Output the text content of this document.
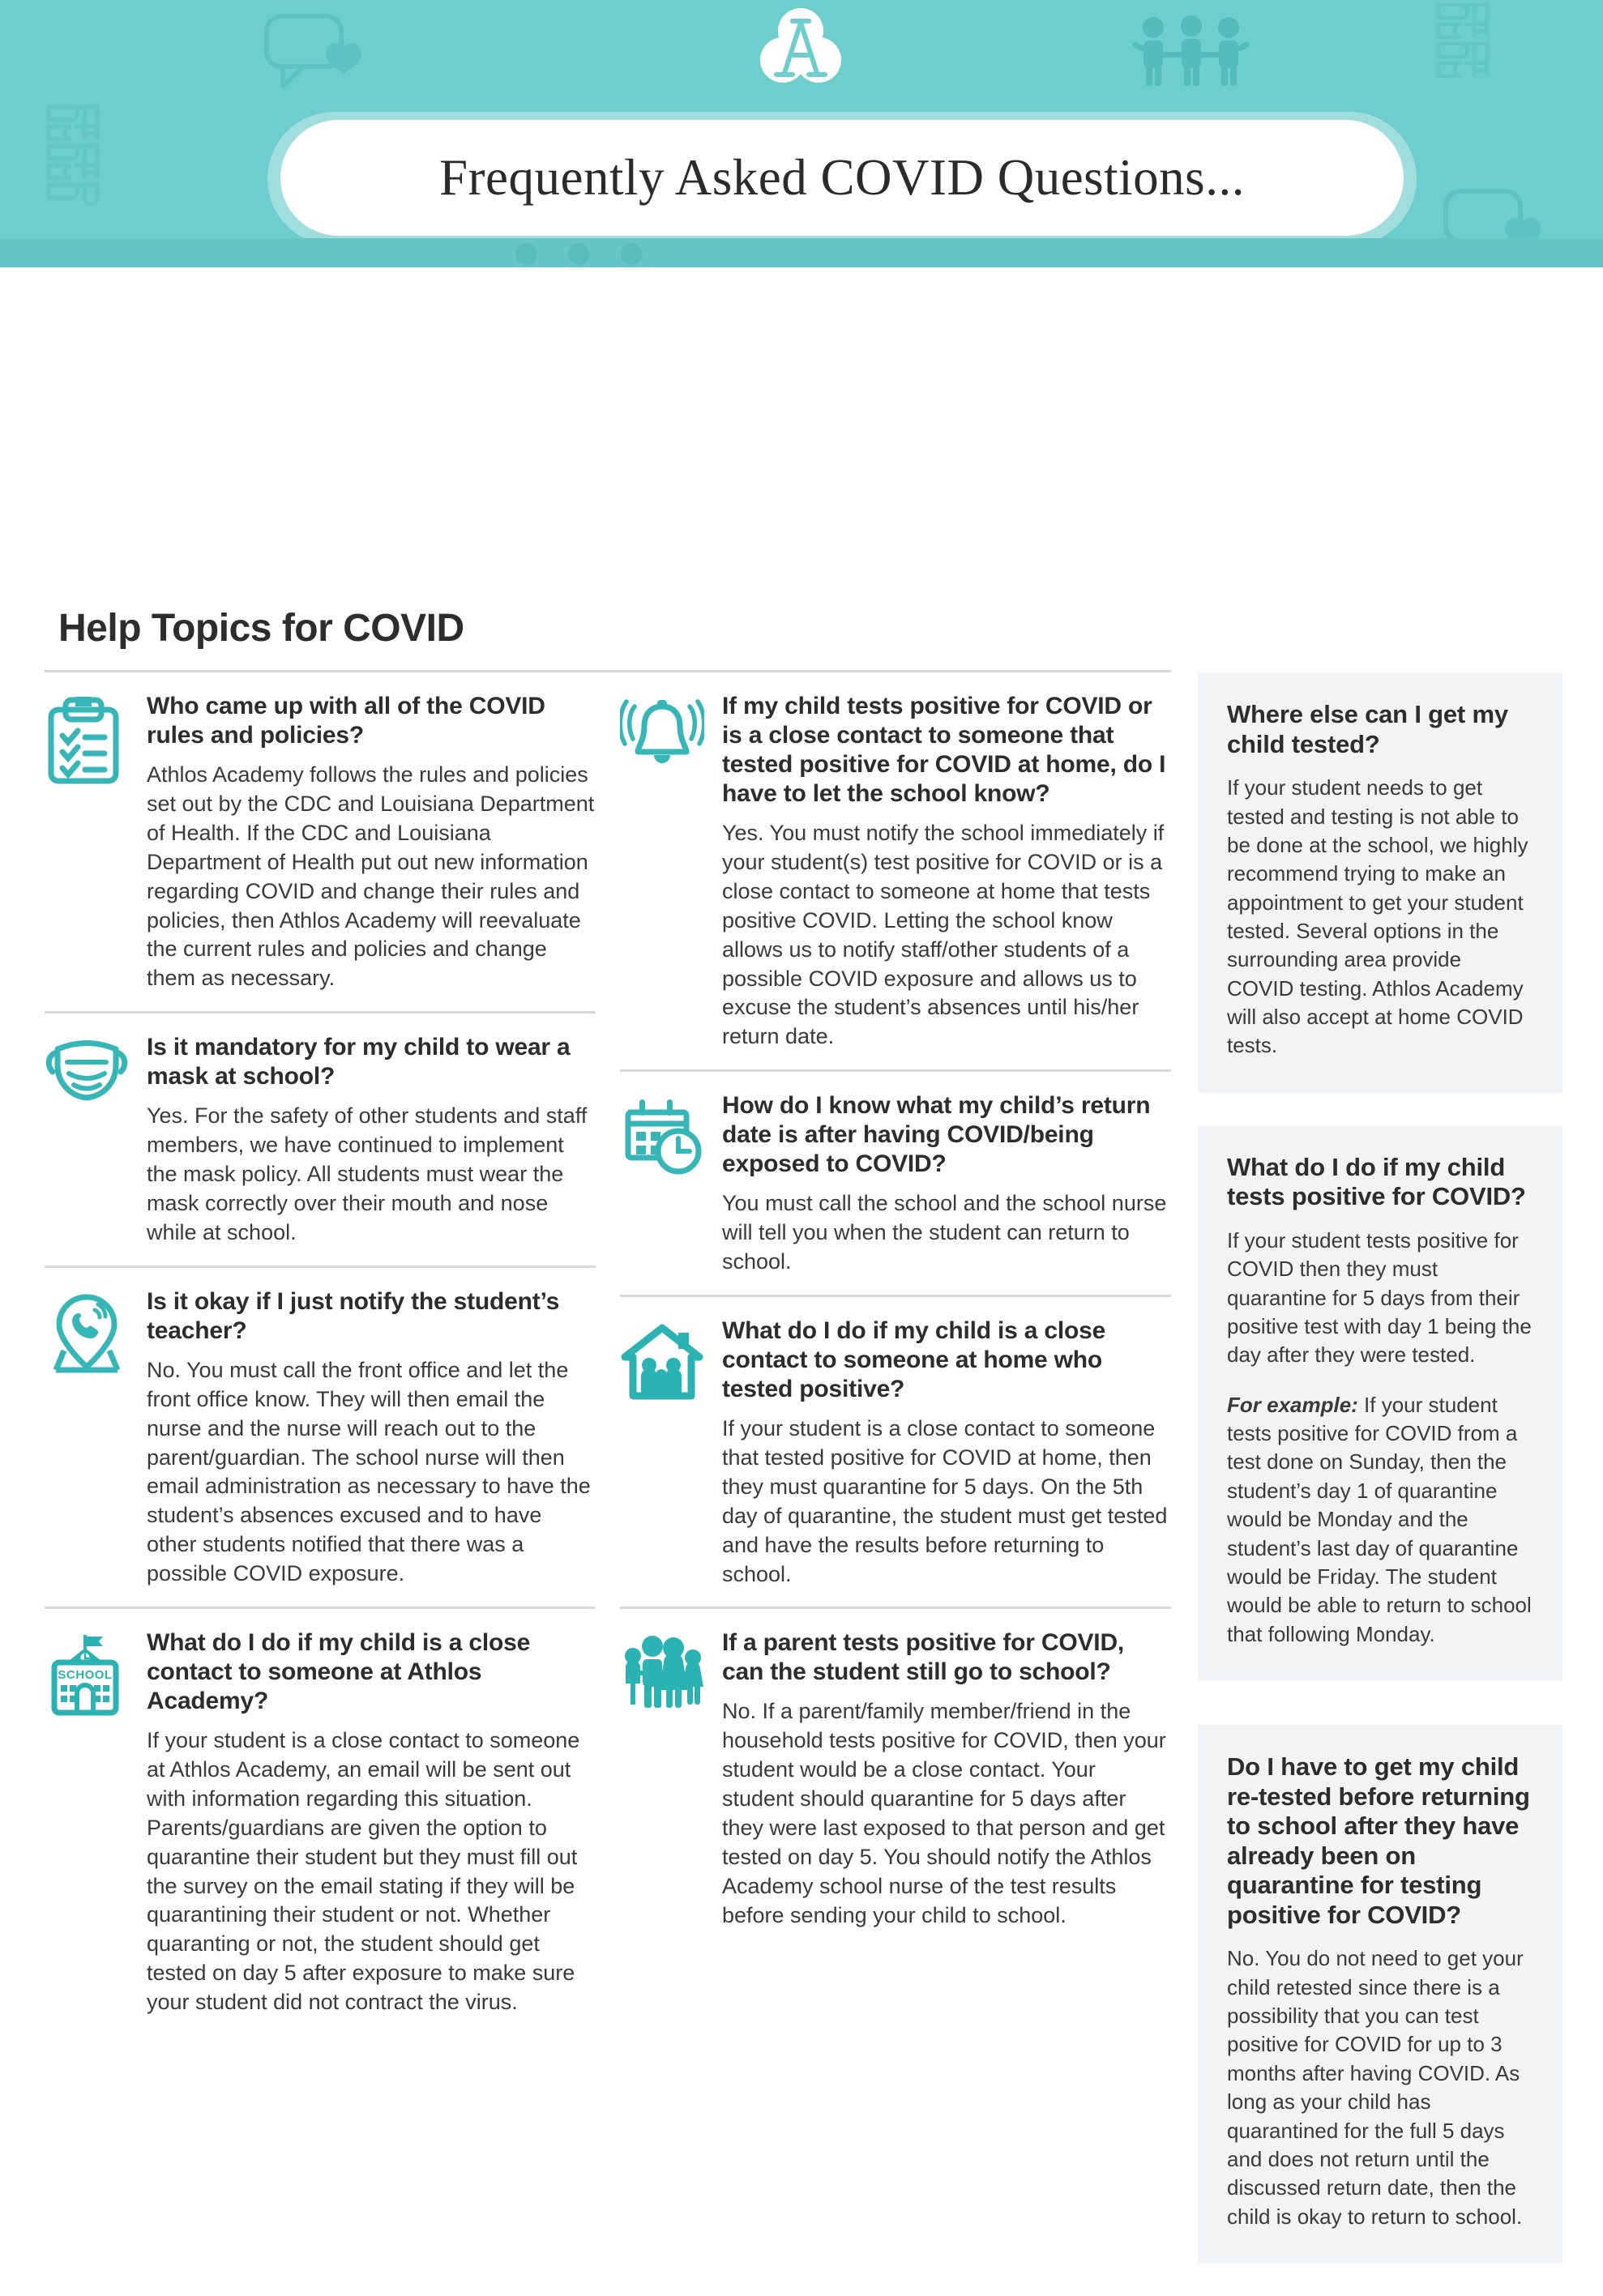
Frequently Asked COVID Questions...
Help Topics for COVID
Who came up with all of the COVID rules and policies?
Athlos Academy follows the rules and policies set out by the CDC and Louisiana Department of Health. If the CDC and Louisiana Department of Health put out new information regarding COVID and change their rules and policies, then Athlos Academy will reevaluate the current rules and policies and change them as necessary.
Is it mandatory for my child to wear a mask at school?
Yes. For the safety of other students and staff members, we have continued to implement the mask policy. All students must wear the mask correctly over their mouth and nose while at school.
Is it okay if I just notify the student’s teacher?
No. You must call the front office and let the front office know. They will then email the nurse and the nurse will reach out to the parent/guardian. The school nurse will then email administration as necessary to have the student’s absences excused and to have other students notified that there was a possible COVID exposure.
SCHOOL
What do I do if my child is a close contact to someone at Athlos Academy?
If your student is a close contact to someone at Athlos Academy, an email will be sent out with information regarding this situation. Parents/guardians are given the option to quarantine their student but they must fill out the survey on the email stating if they will be quarantining their student or not. Whether quaranting or not, the student should get tested on day 5 after exposure to make sure your student did not contract the virus.
If my child tests positive for COVID or is a close contact to someone that tested positive for COVID at home, do I have to let the school know?
Yes. You must notify the school immediately if your student(s) test positive for COVID or is a close contact to someone at home that tests positive COVID. Letting the school know allows us to notify staff/other students of a possible COVID exposure and allows us to excuse the student’s absences until his/her return date.
How do I know what my child’s return date is after having COVID/being exposed to COVID?
You must call the school and the school nurse will tell you when the student can return to school.
What do I do if my child is a close contact to someone at home who tested positive?
If your student is a close contact to someone that tested positive for COVID at home, then they must quarantine for 5 days. On the 5th day of quarantine, the student must get tested and have the results before returning to school.
If a parent tests positive for COVID, can the student still go to school?
No. If a parent/family member/friend in the household tests positive for COVID, then your student would be a close contact. Your student should quarantine for 5 days after they were last exposed to that person and get tested on day 5. You should notify the Athlos Academy school nurse of the test results before sending your child to school.
Where else can I get my child tested?
If your student needs to get tested and testing is not able to be done at the school, we highly recommend trying to make an appointment to get your student tested. Several options in the surrounding area provide COVID testing. Athlos Academy will also accept at home COVID tests.
What do I do if my child tests positive for COVID?
If your student tests positive for COVID then they must quarantine for 5 days from their positive test with day 1 being the day after they were tested.
For example: If your student tests positive for COVID from a test done on Sunday, then the student’s day 1 of quarantine would be Monday and the student’s last day of quarantine would be Friday. The student would be able to return to school that following Monday.
Do I have to get my child re-tested before returning to school after they have already been on quarantine for testing positive for COVID?
No. You do not need to get your child retested since there is a possibility that you can test positive for COVID for up to 3 months after having COVID. As long as your child has quarantined for the full 5 days and does not return until the discussed return date, then the child is okay to return to school.
